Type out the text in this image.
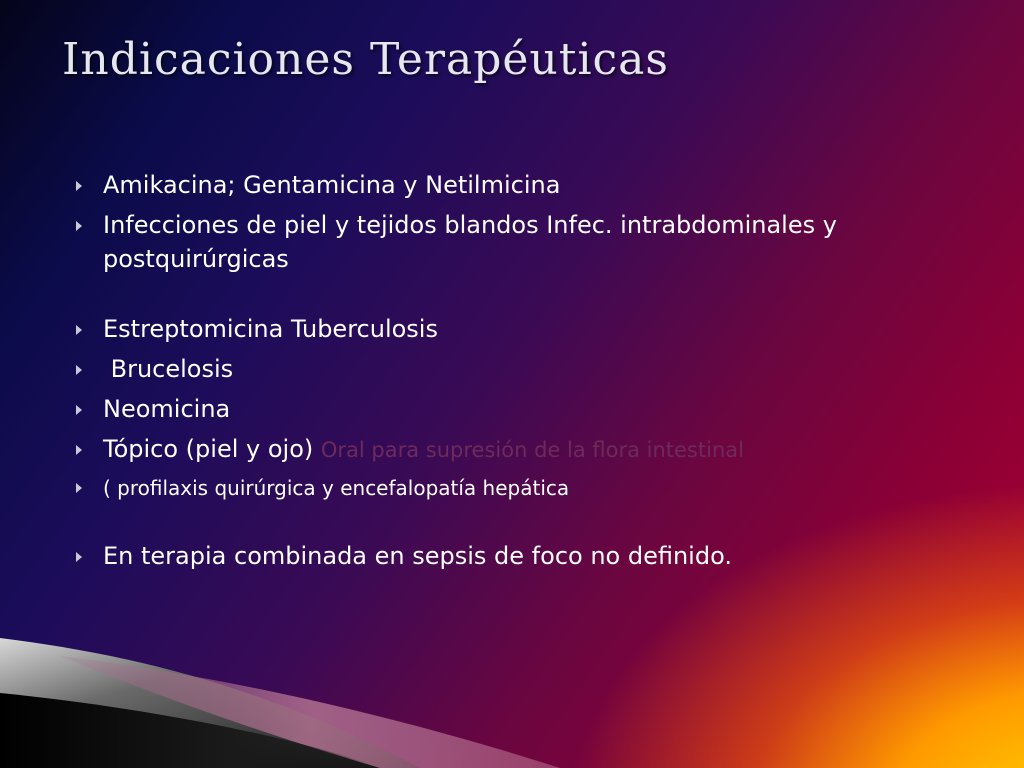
Indicaciones Terapéuticas
Amikacina; Gentamicina y Netilmicina
Infecciones de piel y tejidos blandos Infec. intrabdominales y postquirúrgicas
Estreptomicina Tuberculosis
Brucelosis
Neomicina
Tópico (piel y ojo) Oral para supresión de la flora intestinal
( profilaxis quirúrgica y encefalopatía hepática
En terapia combinada en sepsis de foco no definido.
